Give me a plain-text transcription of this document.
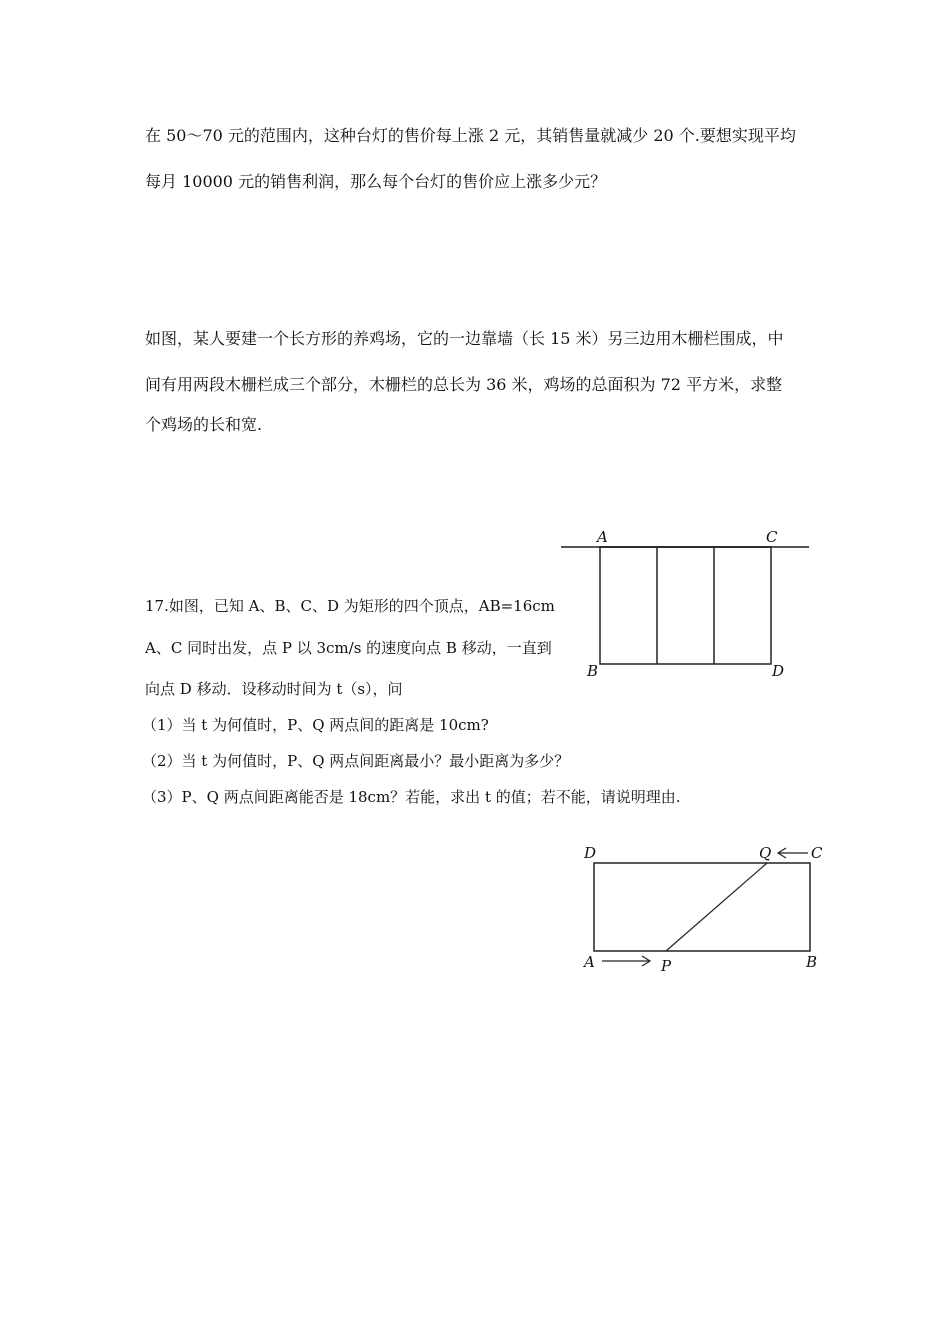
在 50～70 元的范围内，这种台灯的售价每上涨 2 元，其销售量就减少 20 个.要想实现平均
每月 10000 元的销售利润，那么每个台灯的售价应上涨多少元？
如图，某人要建一个长方形的养鸡场，它的一边靠墙（长 15 米）另三边用木栅栏围成，中
间有用两段木栅栏成三个部分，木栅栏的总长为 36 米，鸡场的总面积为 72 平方米，求整
个鸡场的长和宽.
A	C
B	D
17.如图，已知 A、B、C、D 为矩形的四个顶点，AB=16cm
A、C 同时出发，点 P 以 3cm/s 的速度向点 B 移动，一直到
向点 D 移动．设移动时间为 t（s），问
（1）当 t 为何值时，P、Q 两点间的距离是 10cm?
（2）当 t 为何值时，P、Q 两点间距离最小？最小距离为多少？
（3）P、Q 两点间距离能否是 18cm？若能，求出 t 的值；若不能，请说明理由.
D	Q	C
A	P	B
